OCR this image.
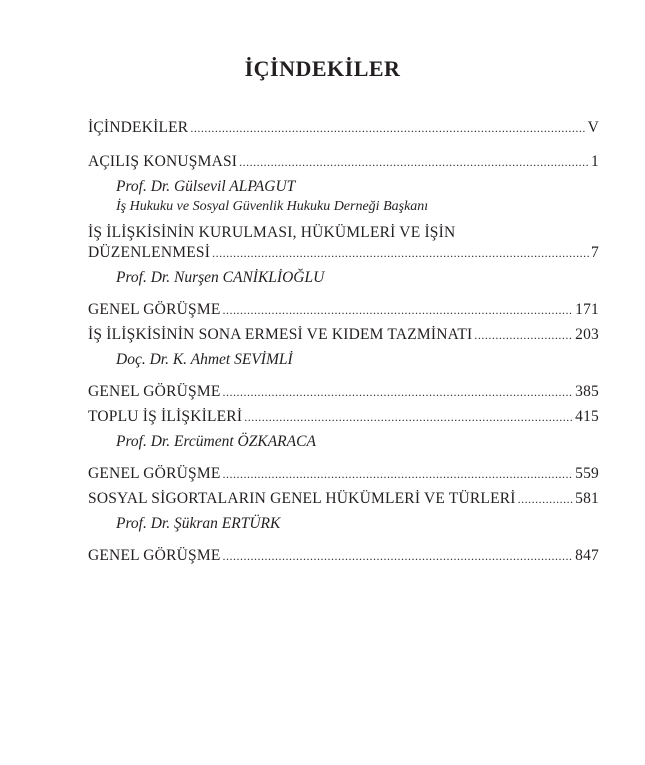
İÇİNDEKİLER
İÇİNDEKİLER .....	V
AÇILIŞ KONUŞMASI .....	1
Prof. Dr. Gülsevil ALPAGUT
İş Hukuku ve Sosyal Güvenlik Hukuku Derneği Başkanı
İŞ İLİŞKİSİNİN KURULMASI, HÜKÜMLERİ VE İŞİN
DÜZENLENMESİ .....	7
Prof. Dr. Nurşen CANİKLİOĞLU
GENEL GÖRÜŞME .....	171
İŞ İLİŞKİSİNİN SONA ERMESİ VE KIDEM TAZMİNATI .....	203
Doç. Dr. K. Ahmet SEVİMLİ
GENEL GÖRÜŞME .....	385
TOPLU İŞ İLİŞKİLERİ .....	415
Prof. Dr. Ercüment ÖZKARACA
GENEL GÖRÜŞME .....	559
SOSYAL SİGORTALARIN GENEL HÜKÜMLERİ VE TÜRLERİ .....	581
Prof. Dr. Şükran ERTÜRK
GENEL GÖRÜŞME .....	847
